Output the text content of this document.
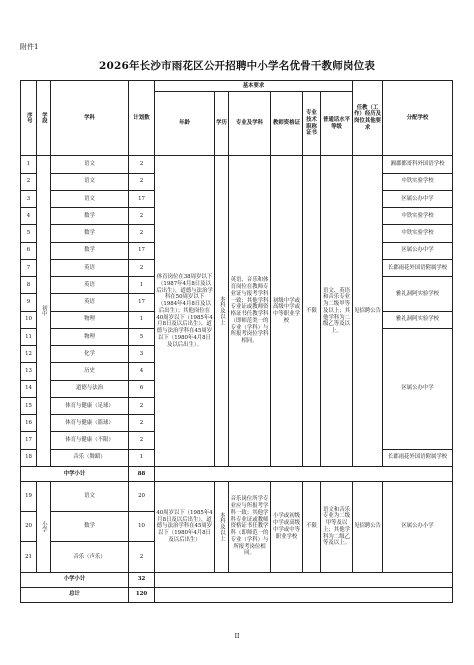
附件1
2026年长沙市雨花区公开招聘中小学名优骨干教师岗位表
序号	学段	学科	计划数	基本要求						任教（工作）经历及岗位其他要求	分配学校
				年龄	学历	专业及学科	教师资格证	专业技术职称证书	普通话水平等级		
1	初中	语文	2	体育岗位在38周岁以下（1987年4月8日及以后出生），道德与法治学科在50周岁以下（1984年4月8日及以后出生）；其他岗位在40周岁以下（1985年4月8日及以后出生），道德与法治学科在45周岁以下（1980年4月8日及以后出生）。	本科及以上	英语、音乐和体育岗位在教师专业证与报考学科一致；其他学科专业证或教师资格证书任教学科（即师范类一的专业（学科）与所报考岗位学科相同。	初级中学或高级中学或中等职业学校	不限	语文、英语和音乐专业为二级甲等及以上；其他学科为二级乙等及以上。	见招聘公告	湘郡都哥科外国语学校
2		语文	2								中铁实验学校
3		语文	17								区属公办中学
4		数学	2								中铁实验学校
5		数学	2								中铁实验学校
6		数学	17								区属公办中学
7		英语	2								长郡雨花外国语附属学校
8		英语	1								雅礼洞阿实验学校
9		英语	17								
10		物理	1								雅礼洞阿实验学校
11		物理	5								区属公办中学
12		化学	3								
13		历史	4								
14		道德与法治	6								
15		体育与健康（足球）	2								
16		体育与健康（篮球）	2								
17		体育与健康（不限）	2								
18		音乐（舞蹈）	1								长郡雨花外国语附属学校
中学小计			88								
19	小学	语文	20	40周岁以下（1985年4月8日及以后出生），道德与法治学科在45周岁以下（1980年4月8日及以后出生）	本科及以上	音乐岗位所学专业应与所报考学科一致；其他学科专业证或教师资格证书任教学科（即师范一的专业（学科）与所报考岗位相同。	小学或初级中学或高级中学或中等职业学校	不限	语文和音乐专业为二级甲等及以上；其他学科为二级乙等及以上。	见招聘公告	区属公办小学
20		数学	10								
21		音乐（声乐）	2								
小学小计			32								
总计			120								
II
